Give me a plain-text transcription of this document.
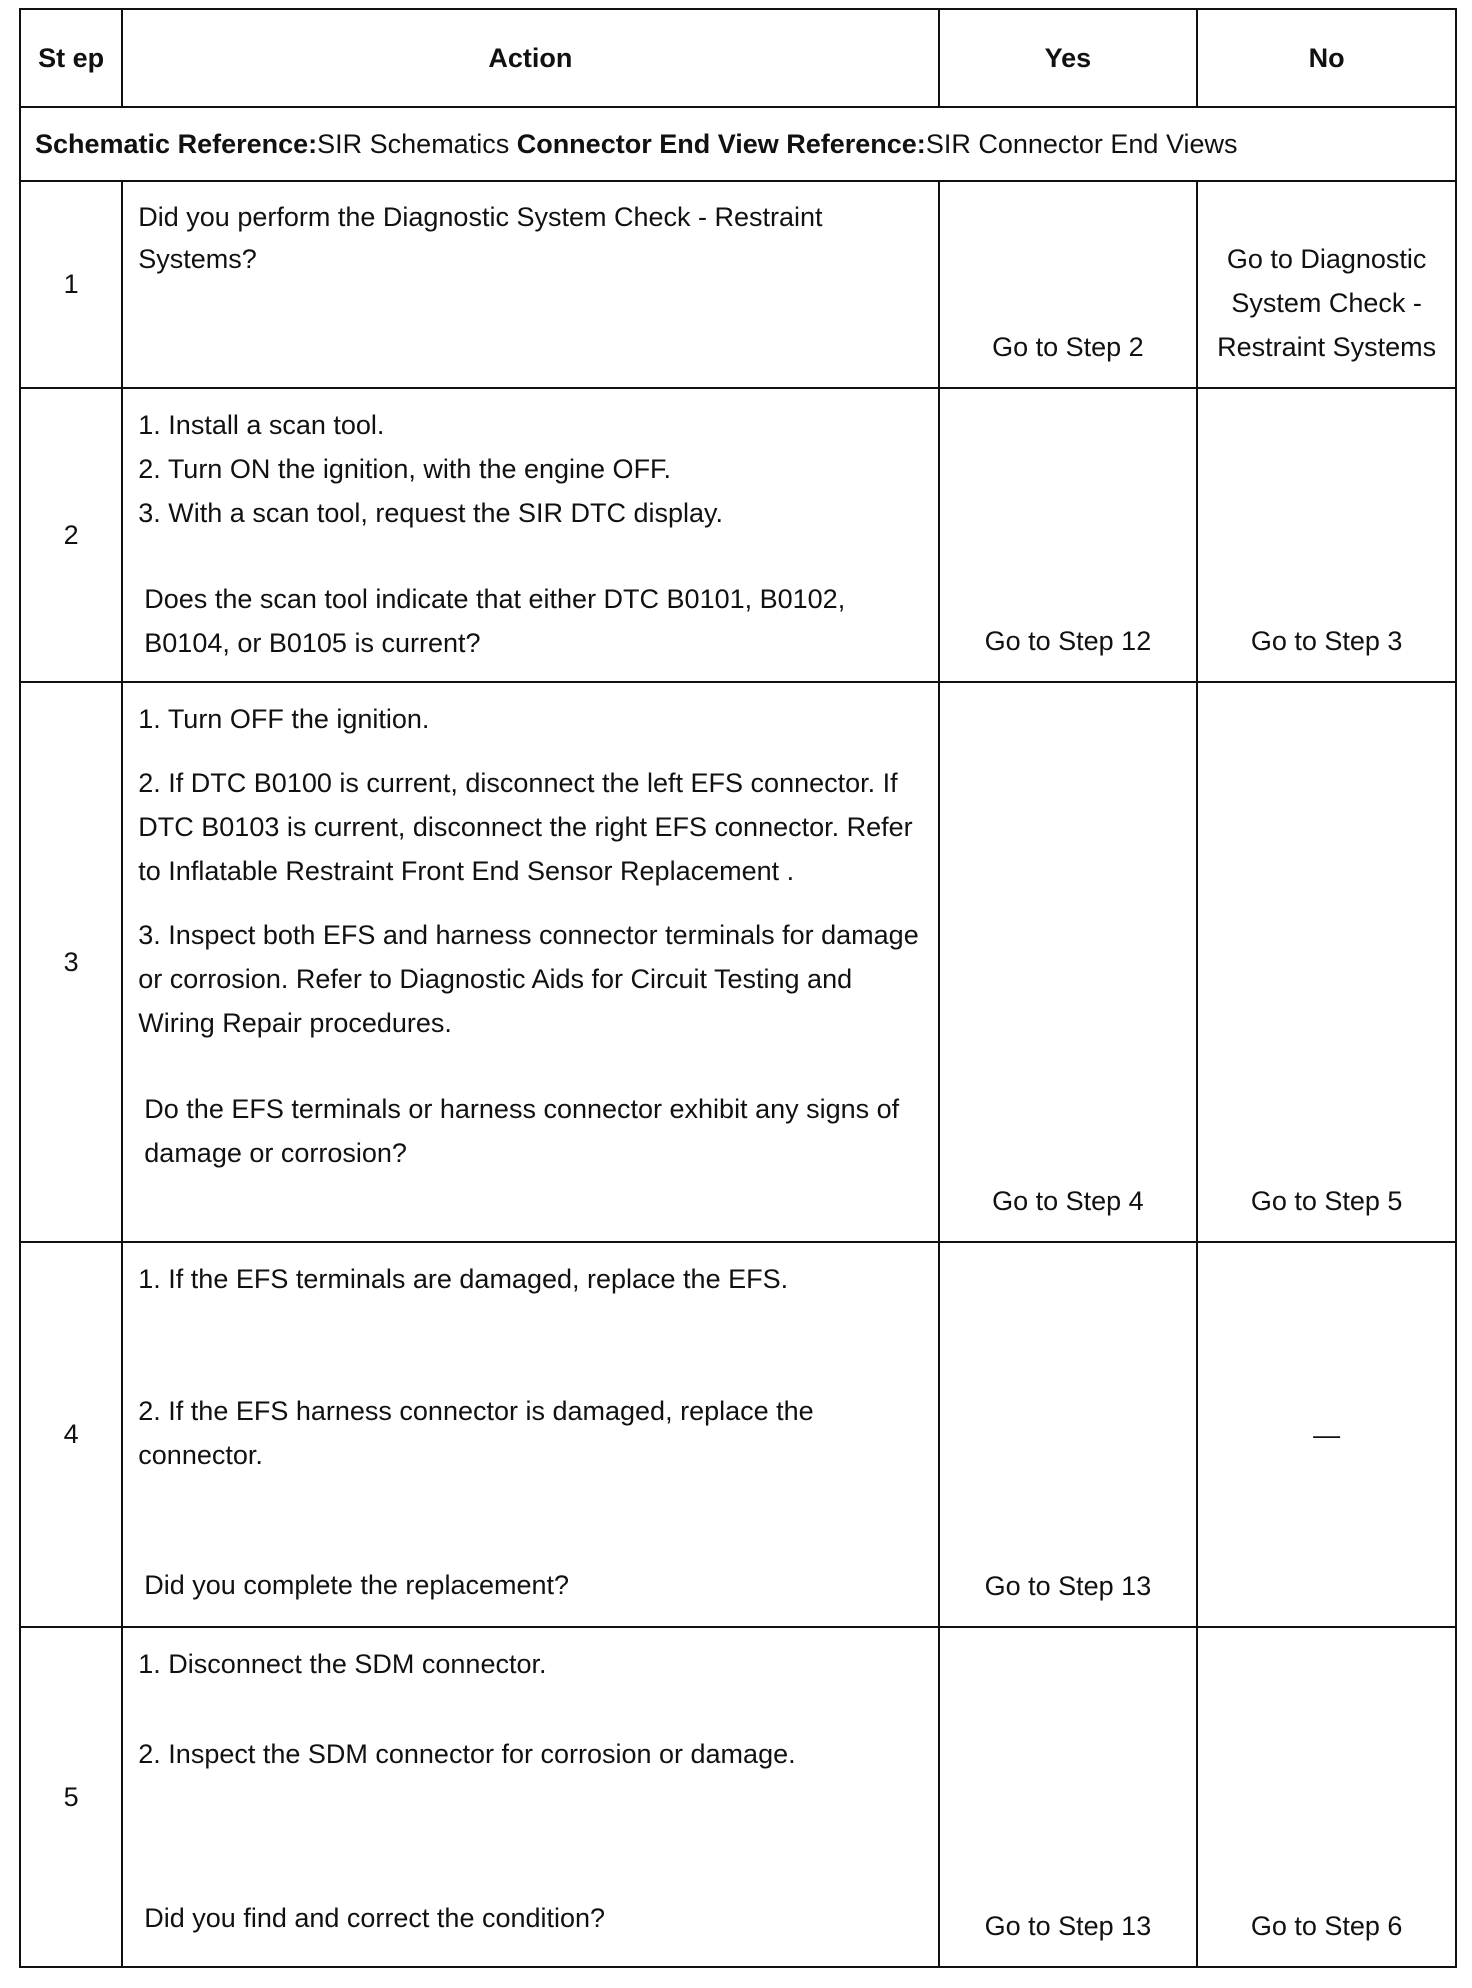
St ep	Action	Yes	No
Schematic Reference:SIR Schematics Connector End View Reference:SIR Connector End Views			
1	Did you perform the Diagnostic System Check - Restraint Systems?	Go to Step 2	Go to Diagnostic System Check - Restraint Systems
2	1. Install a scan tool.
2. Turn ON the ignition, with the engine OFF.
3. With a scan tool, request the SIR DTC display.
Does the scan tool indicate that either DTC B0101, B0102, B0104, or B0105 is current?	Go to Step 12	Go to Step 3
3	1. Turn OFF the ignition.
2. If DTC B0100 is current, disconnect the left EFS connector. If DTC B0103 is current, disconnect the right EFS connector. Refer to Inflatable Restraint Front End Sensor Replacement .
3. Inspect both EFS and harness connector terminals for damage or corrosion. Refer to Diagnostic Aids for Circuit Testing and Wiring Repair procedures.
Do the EFS terminals or harness connector exhibit any signs of damage or corrosion?	Go to Step 4	Go to Step 5
4	1. If the EFS terminals are damaged, replace the EFS.
2. If the EFS harness connector is damaged, replace the connector.
Did you complete the replacement?	Go to Step 13	—
5	1. Disconnect the SDM connector.
2. Inspect the SDM connector for corrosion or damage.
Did you find and correct the condition?	Go to Step 13	Go to Step 6
